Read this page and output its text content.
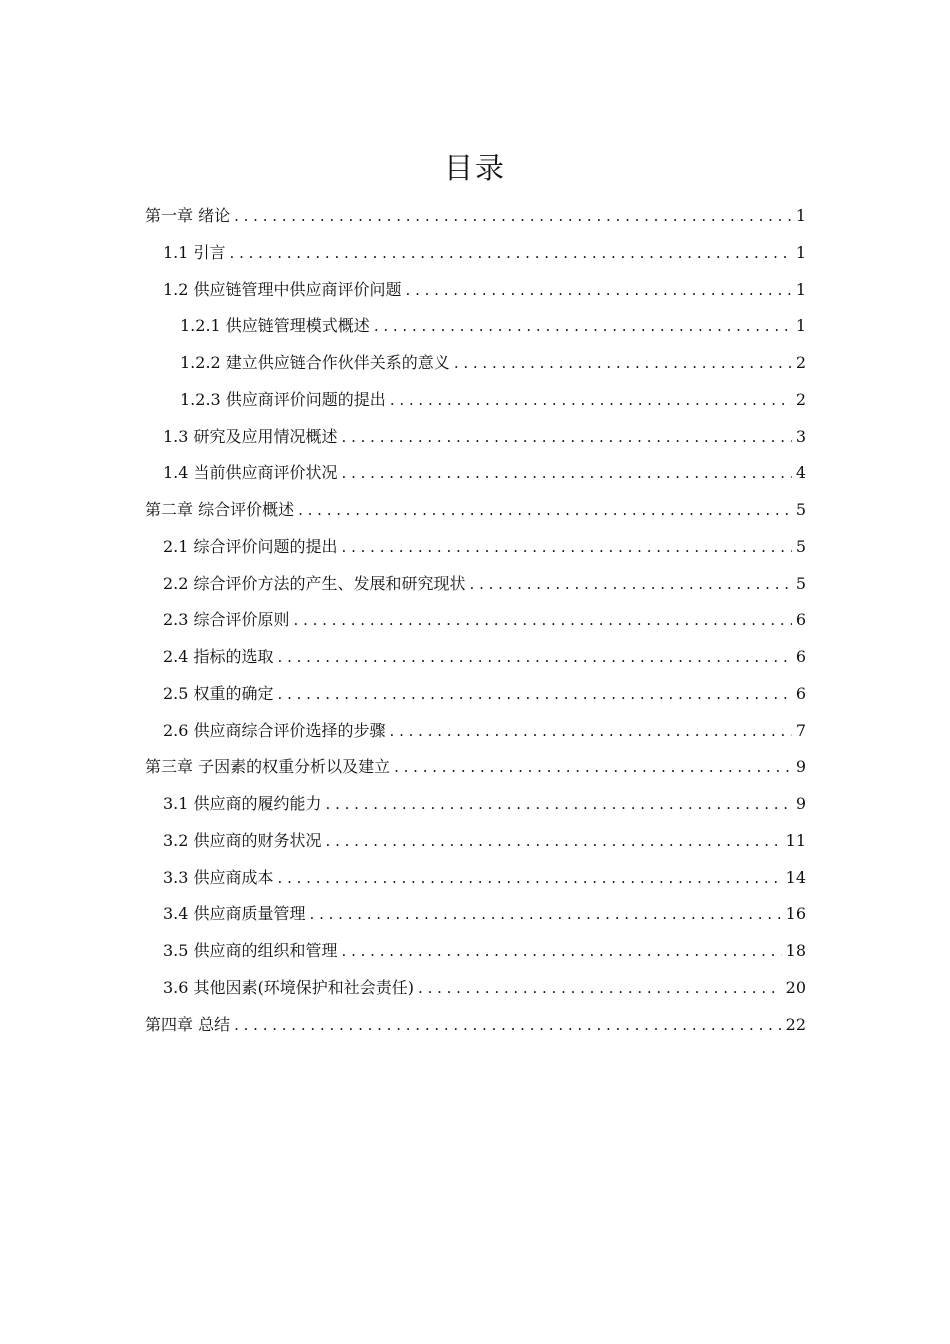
目录
第一章 绪论 . . .	1
1.1 引言 . . .	1
1.2 供应链管理中供应商评价问题 . . .	1
1.2.1 供应链管理模式概述 . . .	1
1.2.2 建立供应链合作伙伴关系的意义 . . .	2
1.2.3 供应商评价问题的提出 . . .	2
1.3 研究及应用情况概述 . . .	3
1.4 当前供应商评价状况 . . .	4
第二章 综合评价概述 . . .	5
2.1 综合评价问题的提出 . . .	5
2.2 综合评价方法的产生、发展和研究现状 . . .	5
2.3 综合评价原则 . . .	6
2.4 指标的选取 . . .	6
2.5 权重的确定 . . .	6
2.6 供应商综合评价选择的步骤 . . .	7
第三章 子因素的权重分析以及建立 . . .	9
3.1 供应商的履约能力 . . .	9
3.2 供应商的财务状况 . . .	11
3.3 供应商成本 . . .	14
3.4 供应商质量管理 . . .	16
3.5 供应商的组织和管理 . . .	18
3.6 其他因素(环境保护和社会责任) . . .	20
第四章 总结 . . .	22
